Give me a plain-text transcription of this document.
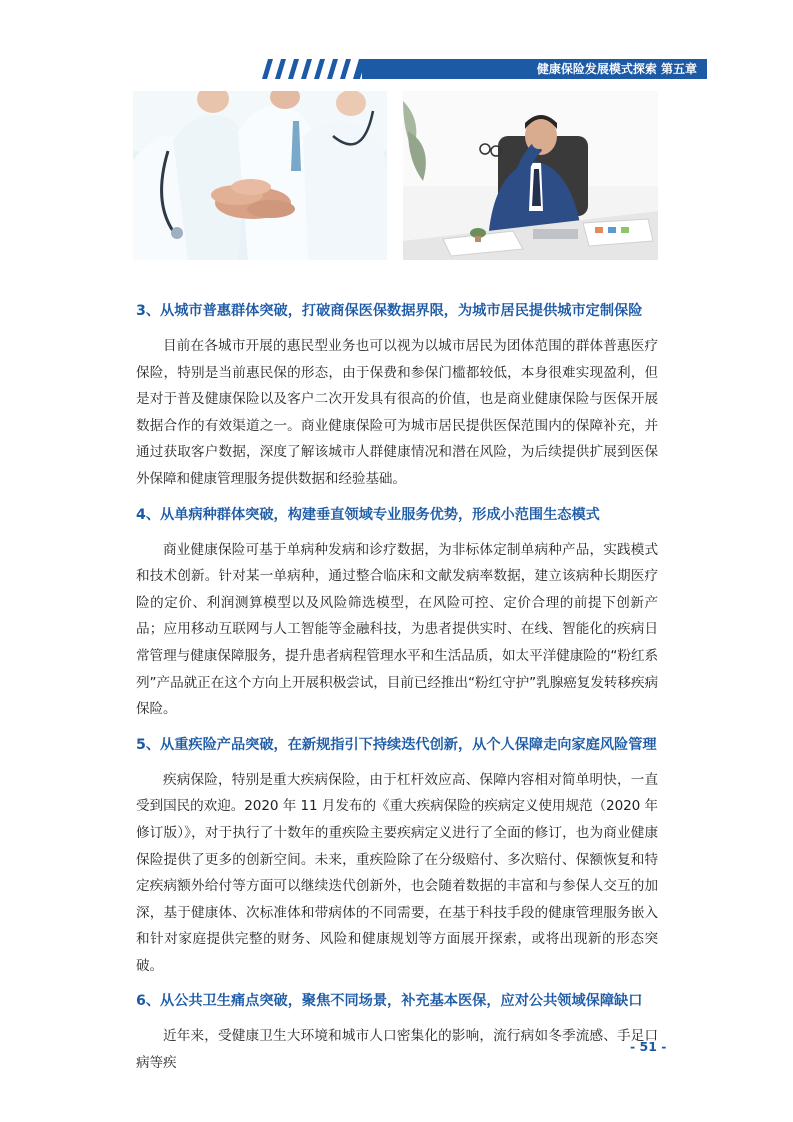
健康保险发展模式探索 第五章
3、从城市普惠群体突破，打破商保医保数据界限，为城市居民提供城市定制保险

目前在各城市开展的惠民型业务也可以视为以城市居民为团体范围的群体普惠医疗保险，特别是当前惠民保的形态，由于保费和参保门槛都较低，本身很难实现盈利，但是对于普及健康保险以及客户二次开发具有很高的价值，也是商业健康保险与医保开展数据合作的有效渠道之一。商业健康保险可为城市居民提供医保范围内的保障补充，并通过获取客户数据，深度了解该城市人群健康情况和潜在风险，为后续提供扩展到医保外保障和健康管理服务提供数据和经验基础。

4、从单病种群体突破，构建垂直领域专业服务优势，形成小范围生态模式

商业健康保险可基于单病种发病和诊疗数据，为非标体定制单病种产品，实践模式和技术创新。针对某一单病种，通过整合临床和文献发病率数据，建立该病种长期医疗险的定价、利润测算模型以及风险筛选模型，在风险可控、定价合理的前提下创新产品；应用移动互联网与人工智能等金融科技，为患者提供实时、在线、智能化的疾病日常管理与健康保障服务，提升患者病程管理水平和生活品质，如太平洋健康险的“粉红系列”产品就正在这个方向上开展积极尝试，目前已经推出“粉红守护”乳腺癌复发转移疾病保险。

5、从重疾险产品突破，在新规指引下持续迭代创新，从个人保障走向家庭风险管理

疾病保险，特别是重大疾病保险，由于杠杆效应高、保障内容相对简单明快，一直受到国民的欢迎。2020 年 11 月发布的《重大疾病保险的疾病定义使用规范（2020 年修订版）》，对于执行了十数年的重疾险主要疾病定义进行了全面的修订，也为商业健康保险提供了更多的创新空间。未来，重疾险除了在分级赔付、多次赔付、保额恢复和特定疾病额外给付等方面可以继续迭代创新外，也会随着数据的丰富和与参保人交互的加深，基于健康体、次标准体和带病体的不同需要，在基于科技手段的健康管理服务嵌入和针对家庭提供完整的财务、风险和健康规划等方面展开探索，或将出现新的形态突破。

6、从公共卫生痛点突破，聚焦不同场景，补充基本医保，应对公共领域保障缺口

近年来，受健康卫生大环境和城市人口密集化的影响，流行病如冬季流感、手足口病等疾

- 51 -
